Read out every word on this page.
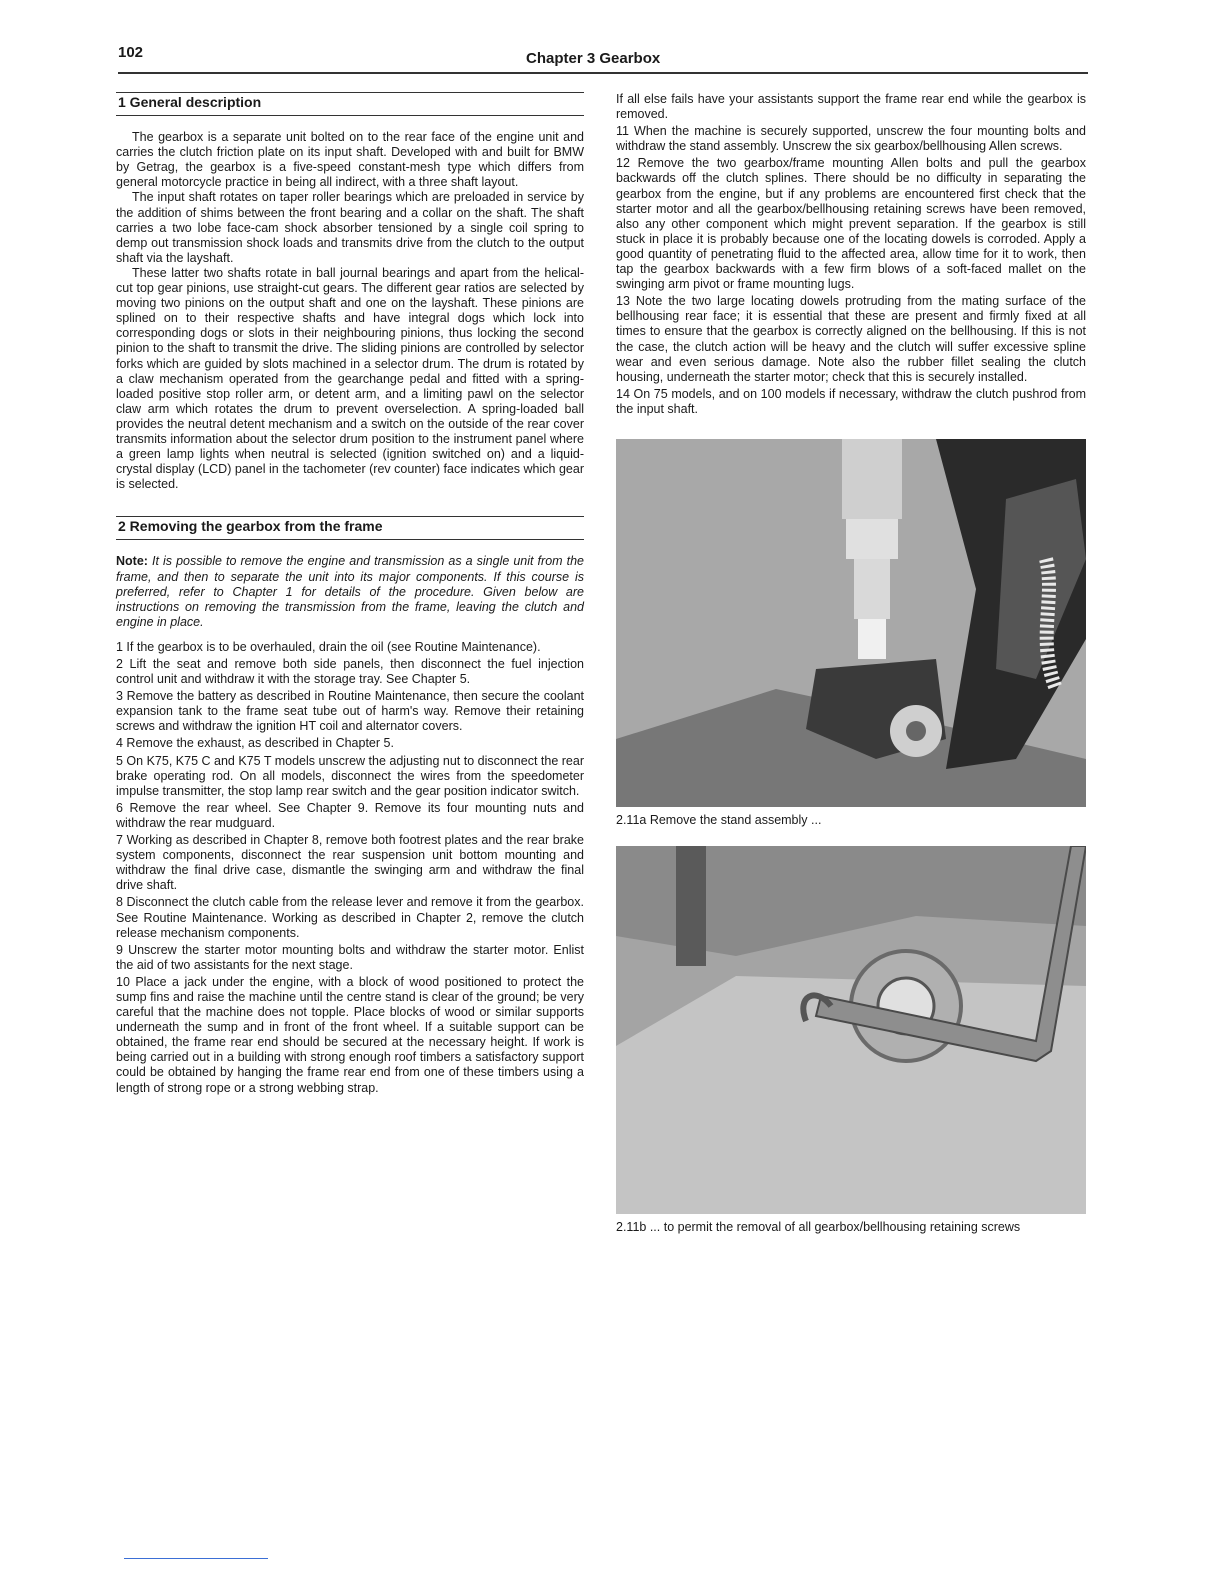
102	Chapter 3 Gearbox
1 General description

The gearbox is a separate unit bolted on to the rear face of the engine unit and carries the clutch friction plate on its input shaft. Developed with and built for BMW by Getrag, the gearbox is a five-speed constant-mesh type which differs from general motorcycle practice in being all indirect, with a three shaft layout.

The input shaft rotates on taper roller bearings which are preloaded in service by the addition of shims between the front bearing and a collar on the shaft. The shaft carries a two lobe face-cam shock absorber tensioned by a single coil spring to demp out transmission shock loads and transmits drive from the clutch to the output shaft via the layshaft.

These latter two shafts rotate in ball journal bearings and apart from the helical-cut top gear pinions, use straight-cut gears. The different gear ratios are selected by moving two pinions on the output shaft and one on the layshaft. These pinions are splined on to their respective shafts and have integral dogs which lock into corresponding dogs or slots in their neighbouring pinions, thus locking the second pinion to the shaft to transmit the drive. The sliding pinions are controlled by selector forks which are guided by slots machined in a selector drum. The drum is rotated by a claw mechanism operated from the gearchange pedal and fitted with a spring-loaded positive stop roller arm, or detent arm, and a limiting pawl on the selector claw arm which rotates the drum to prevent overselection. A spring-loaded ball provides the neutral detent mechanism and a switch on the outside of the rear cover transmits information about the selector drum position to the instrument panel where a green lamp lights when neutral is selected (ignition switched on) and a liquid-crystal display (LCD) panel in the tachometer (rev counter) face indicates which gear is selected.

2 Removing the gearbox from the frame

Note: It is possible to remove the engine and transmission as a single unit from the frame, and then to separate the unit into its major components. If this course is preferred, refer to Chapter 1 for details of the procedure. Given below are instructions on removing the transmission from the frame, leaving the clutch and engine in place.

1 If the gearbox is to be overhauled, drain the oil (see Routine Maintenance).

2 Lift the seat and remove both side panels, then disconnect the fuel injection control unit and withdraw it with the storage tray. See Chapter 5.

3 Remove the battery as described in Routine Maintenance, then secure the coolant expansion tank to the frame seat tube out of harm's way. Remove their retaining screws and withdraw the ignition HT coil and alternator covers.

4 Remove the exhaust, as described in Chapter 5.

5 On K75, K75 C and K75 T models unscrew the adjusting nut to disconnect the rear brake operating rod. On all models, disconnect the wires from the speedometer impulse transmitter, the stop lamp rear switch and the gear position indicator switch.

6 Remove the rear wheel. See Chapter 9. Remove its four mounting nuts and withdraw the rear mudguard.

7 Working as described in Chapter 8, remove both footrest plates and the rear brake system components, disconnect the rear suspension unit bottom mounting and withdraw the final drive case, dismantle the swinging arm and withdraw the final drive shaft.

8 Disconnect the clutch cable from the release lever and remove it from the gearbox. See Routine Maintenance. Working as described in Chapter 2, remove the clutch release mechanism components.

9 Unscrew the starter motor mounting bolts and withdraw the starter motor. Enlist the aid of two assistants for the next stage.

10 Place a jack under the engine, with a block of wood positioned to protect the sump fins and raise the machine until the centre stand is clear of the ground; be very careful that the machine does not topple. Place blocks of wood or similar supports underneath the sump and in front of the front wheel. If a suitable support can be obtained, the frame rear end should be secured at the necessary height. If work is being carried out in a building with strong enough roof timbers a satisfactory support could be obtained by hanging the frame rear end from one of these timbers using a length of strong rope or a strong webbing strap.

If all else fails have your assistants support the frame rear end while the gearbox is removed.

11 When the machine is securely supported, unscrew the four mounting bolts and withdraw the stand assembly. Unscrew the six gearbox/bellhousing Allen screws.

12 Remove the two gearbox/frame mounting Allen bolts and pull the gearbox backwards off the clutch splines. There should be no difficulty in separating the gearbox from the engine, but if any problems are encountered first check that the starter motor and all the gearbox/bellhousing retaining screws have been removed, also any other component which might prevent separation. If the gearbox is still stuck in place it is probably because one of the locating dowels is corroded. Apply a good quantity of penetrating fluid to the affected area, allow time for it to work, then tap the gearbox backwards with a few firm blows of a soft-faced mallet on the swinging arm pivot or frame mounting lugs.

13 Note the two large locating dowels protruding from the mating surface of the bellhousing rear face; it is essential that these are present and firmly fixed at all times to ensure that the gearbox is correctly aligned on the bellhousing. If this is not the case, the clutch action will be heavy and the clutch will suffer excessive spline wear and even serious damage. Note also the rubber fillet sealing the clutch housing, underneath the starter motor; check that this is securely installed.

14 On 75 models, and on 100 models if necessary, withdraw the clutch pushrod from the input shaft.

2.11a Remove the stand assembly ...

2.11b ... to permit the removal of all gearbox/bellhousing retaining screws
